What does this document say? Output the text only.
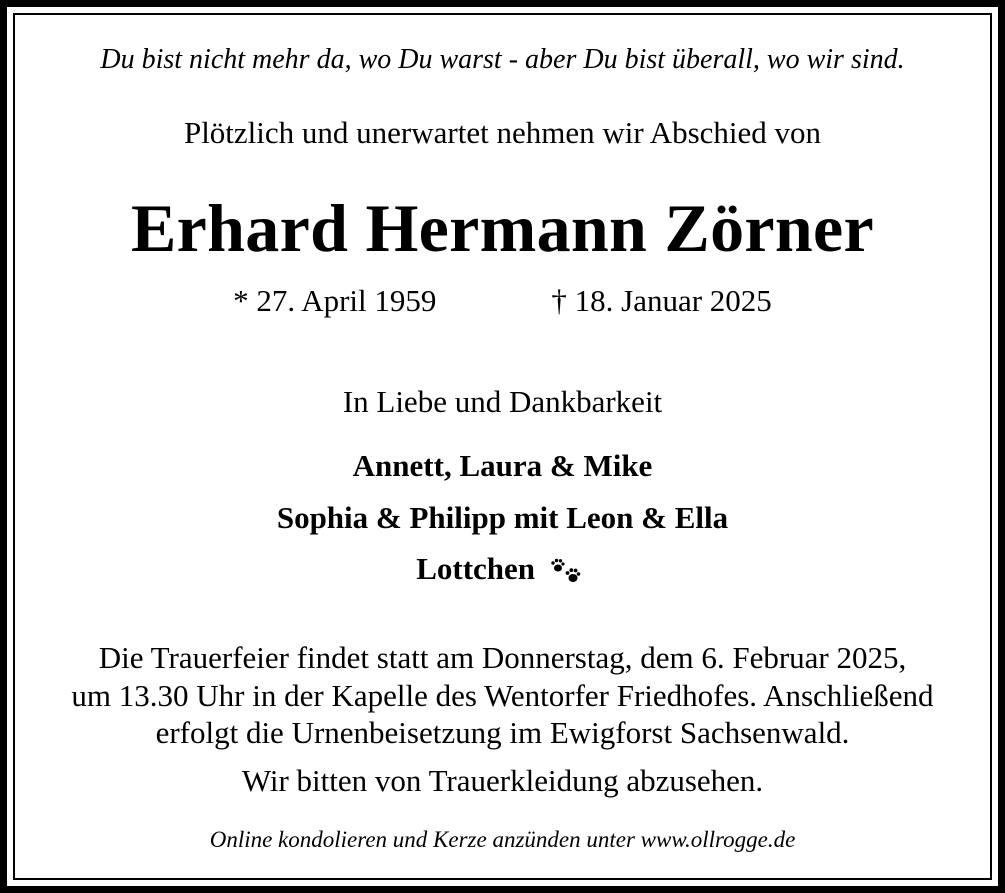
Du bist nicht mehr da, wo Du warst - aber Du bist überall, wo wir sind.
Plötzlich und unerwartet nehmen wir Abschied von
Erhard Hermann Zörner
* 27. April 1959	† 18. Januar 2025
In Liebe und Dankbarkeit
Annett, Laura & Mike
Sophia & Philipp mit Leon & Ella
Lottchen
Die Trauerfeier findet statt am Donnerstag, dem 6. Februar 2025,
um 13.30 Uhr in der Kapelle des Wentorfer Friedhofes. Anschließend
erfolgt die Urnenbeisetzung im Ewigforst Sachsenwald.
Wir bitten von Trauerkleidung abzusehen.
Online kondolieren und Kerze anzünden unter www.ollrogge.de
